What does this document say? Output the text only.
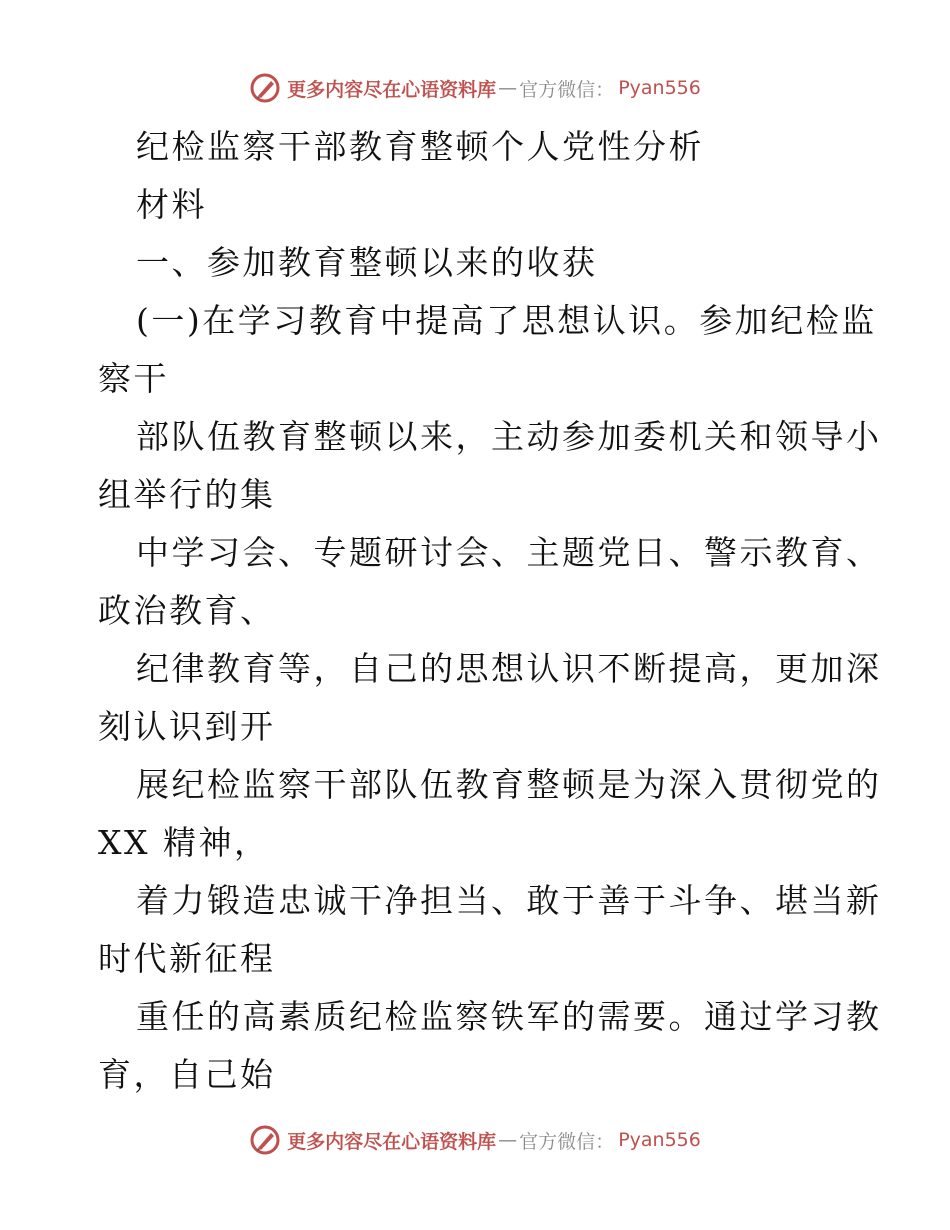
更多内容尽在心语资料库 — 官方微信： Pyan556
纪检监察干部教育整顿个人党性分析
材料
一、参加教育整顿以来的收获
(一)在学习教育中提高了思想认识。参加纪检监
察干
部队伍教育整顿以来，主动参加委机关和领导小
组举行的集
中学习会、专题研讨会、主题党日、警示教育、
政治教育、
纪律教育等，自己的思想认识不断提高，更加深
刻认识到开
展纪检监察干部队伍教育整顿是为深入贯彻党的
XX 精神，
着力锻造忠诚干净担当、敢于善于斗争、堪当新
时代新征程
重任的高素质纪检监察铁军的需要。通过学习教
育，自己始
更多内容尽在心语资料库 — 官方微信： Pyan556
